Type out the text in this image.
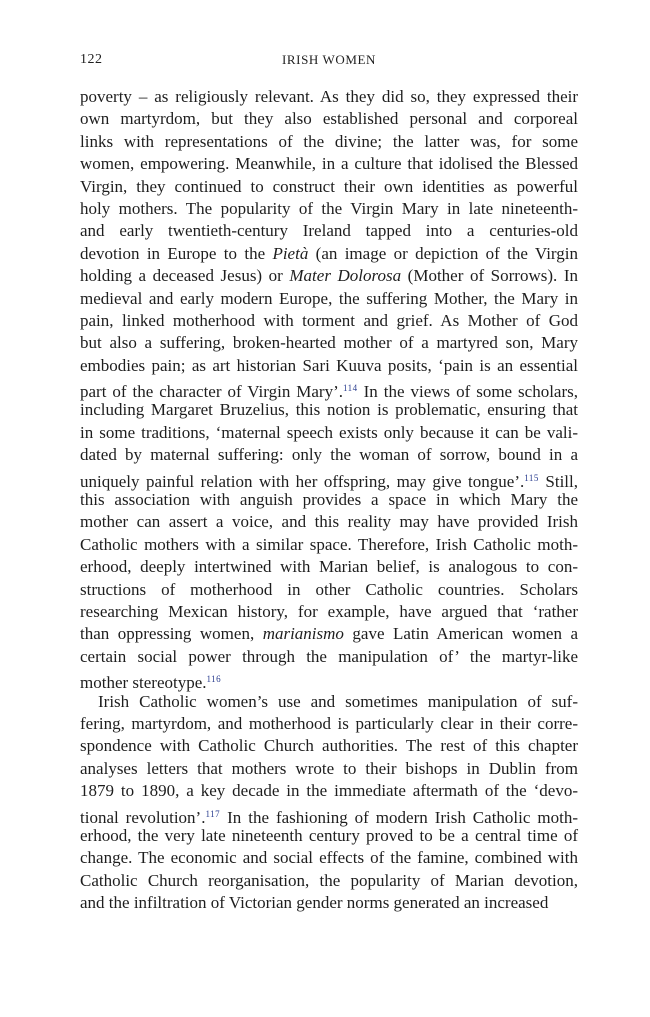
122	IRISH WOMEN
poverty – as religiously relevant. As they did so, they expressed their
own martyrdom, but they also established personal and corporeal
links with representations of the divine; the latter was, for some
women, empowering. Meanwhile, in a culture that idolised the Blessed
Virgin, they continued to construct their own identities as powerful
holy mothers. The popularity of the Virgin Mary in late nineteenth-
and early twentieth-century Ireland tapped into a centuries-old
devotion in Europe to the Pietà (an image or depiction of the Virgin
holding a deceased Jesus) or Mater Dolorosa (Mother of Sorrows). In
medieval and early modern Europe, the suffering Mother, the Mary in
pain, linked motherhood with torment and grief. As Mother of God
but also a suffering, broken-hearted mother of a martyred son, Mary
embodies pain; as art historian Sari Kuuva posits, ‘pain is an essential
part of the character of Virgin Mary’.$^{114}$ In the views of some scholars,
including Margaret Bruzelius, this notion is problematic, ensuring that
in some traditions, ‘maternal speech exists only because it can be vali-
dated by maternal suffering: only the woman of sorrow, bound in a
uniquely painful relation with her offspring, may give tongue’.$^{115}$ Still,
this association with anguish provides a space in which Mary the
mother can assert a voice, and this reality may have provided Irish
Catholic mothers with a similar space. Therefore, Irish Catholic moth-
erhood, deeply intertwined with Marian belief, is analogous to con-
structions of motherhood in other Catholic countries. Scholars
researching Mexican history, for example, have argued that ‘rather
than oppressing women, marianismo gave Latin American women a
certain social power through the manipulation of’ the martyr-like
mother stereotype.$^{116}$
Irish Catholic women’s use and sometimes manipulation of suf-
fering, martyrdom, and motherhood is particularly clear in their corre-
spondence with Catholic Church authorities. The rest of this chapter
analyses letters that mothers wrote to their bishops in Dublin from
1879 to 1890, a key decade in the immediate aftermath of the ‘devo-
tional revolution’.$^{117}$ In the fashioning of modern Irish Catholic moth-
erhood, the very late nineteenth century proved to be a central time of
change. The economic and social effects of the famine, combined with
Catholic Church reorganisation, the popularity of Marian devotion,
and the infiltration of Victorian gender norms generated an increased
